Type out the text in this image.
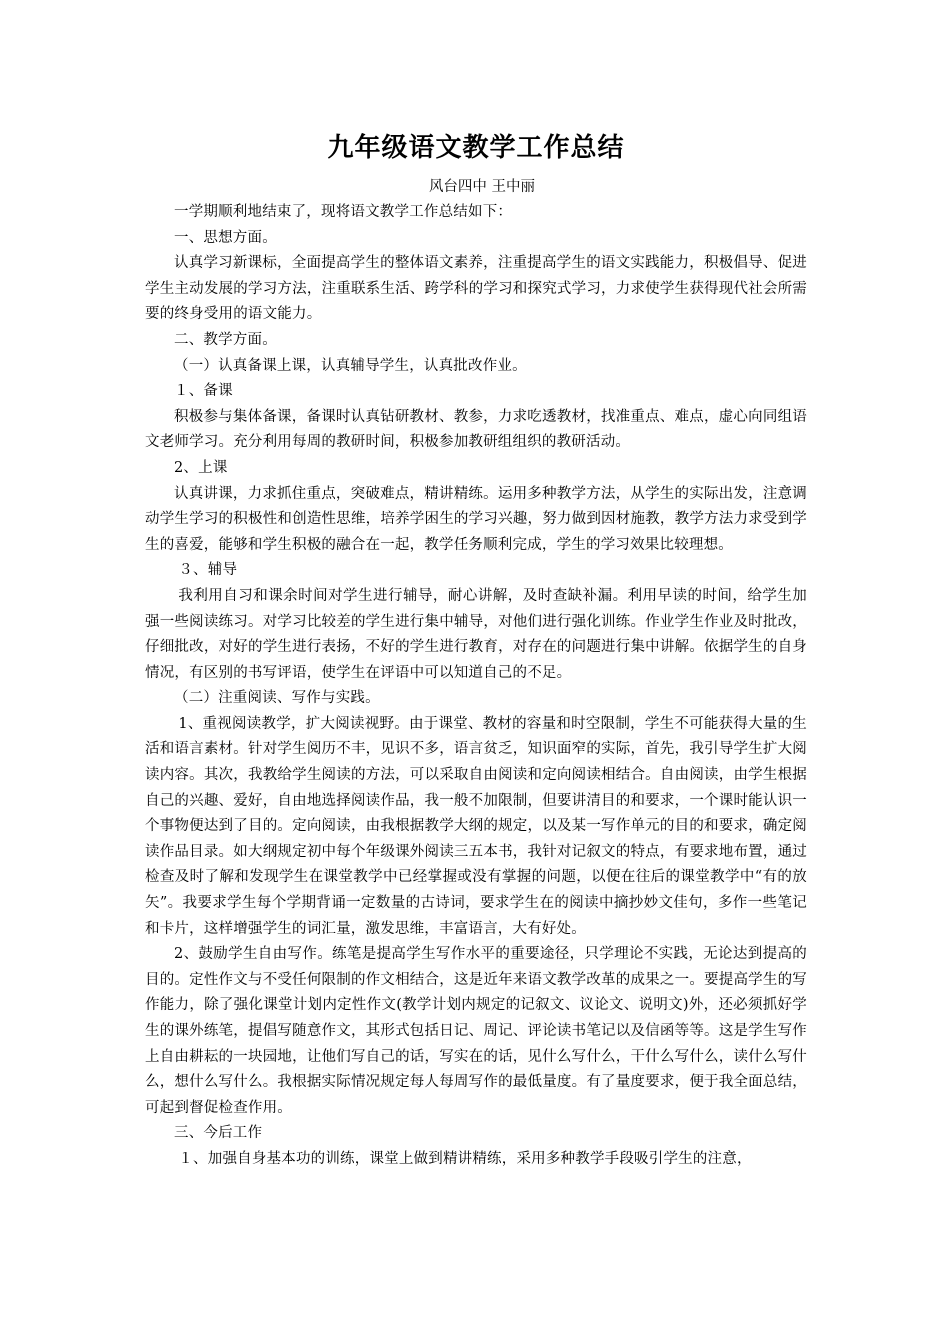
九年级语文教学工作总结
风台四中 王中丽

一学期顺利地结束了，现将语文教学工作总结如下：

一、思想方面。

认真学习新课标，全面提高学生的整体语文素养，注重提高学生的语文实践能力，积极倡导、促进学生主动发展的学习方法，注重联系生活、跨学科的学习和探究式学习，力求使学生获得现代社会所需要的终身受用的语文能力。

二、教学方面。

（一）认真备课上课，认真辅导学生，认真批改作业。

１、备课

积极参与集体备课，备课时认真钻研教材、教参，力求吃透教材，找准重点、难点，虚心向同组语文老师学习。充分利用每周的教研时间，积极参加教研组组织的教研活动。

2、上课

认真讲课，力求抓住重点，突破难点，精讲精练。运用多种教学方法，从学生的实际出发，注意调动学生学习的积极性和创造性思维，培养学困生的学习兴趣，努力做到因材施教，教学方法力求受到学生的喜爱，能够和学生积极的融合在一起，教学任务顺利完成，学生的学习效果比较理想。

３、辅导

我利用自习和课余时间对学生进行辅导，耐心讲解，及时查缺补漏。利用早读的时间，给学生加强一些阅读练习。对学习比较差的学生进行集中辅导，对他们进行强化训练。作业学生作业及时批改，仔细批改，对好的学生进行表扬，不好的学生进行教育，对存在的问题进行集中讲解。依据学生的自身情况，有区别的书写评语，使学生在评语中可以知道自己的不足。

（二）注重阅读、写作与实践。

1、重视阅读教学，扩大阅读视野。由于课堂、教材的容量和时空限制，学生不可能获得大量的生活和语言素材。针对学生阅历不丰，见识不多，语言贫乏，知识面窄的实际，首先，我引导学生扩大阅读内容。其次，我教给学生阅读的方法，可以采取自由阅读和定向阅读相结合。自由阅读，由学生根据自己的兴趣、爱好，自由地选择阅读作品，我一般不加限制，但要讲清目的和要求，一个课时能认识一个事物便达到了目的。定向阅读，由我根据教学大纲的规定，以及某一写作单元的目的和要求，确定阅读作品目录。如大纲规定初中每个年级课外阅读三五本书，我针对记叙文的特点，有要求地布置，通过检查及时了解和发现学生在课堂教学中已经掌握或没有掌握的问题，以便在往后的课堂教学中“有的放矢”。我要求学生每个学期背诵一定数量的古诗词，要求学生在的阅读中摘抄妙文佳句，多作一些笔记和卡片，这样增强学生的词汇量，激发思维，丰富语言，大有好处。

2、鼓励学生自由写作。练笔是提高学生写作水平的重要途径，只学理论不实践，无论达到提高的目的。定性作文与不受任何限制的作文相结合，这是近年来语文教学改革的成果之一。要提高学生的写作能力，除了强化课堂计划内定性作文(教学计划内规定的记叙文、议论文、说明文)外，还必须抓好学生的课外练笔，提倡写随意作文，其形式包括日记、周记、评论读书笔记以及信函等等。这是学生写作上自由耕耘的一块园地，让他们写自己的话，写实在的话，见什么写什么，干什么写什么，读什么写什么，想什么写什么。我根据实际情况规定每人每周写作的最低量度。有了量度要求，便于我全面总结，可起到督促检查作用。

三、今后工作

１、加强自身基本功的训练，课堂上做到精讲精练，采用多种教学手段吸引学生的注意，
